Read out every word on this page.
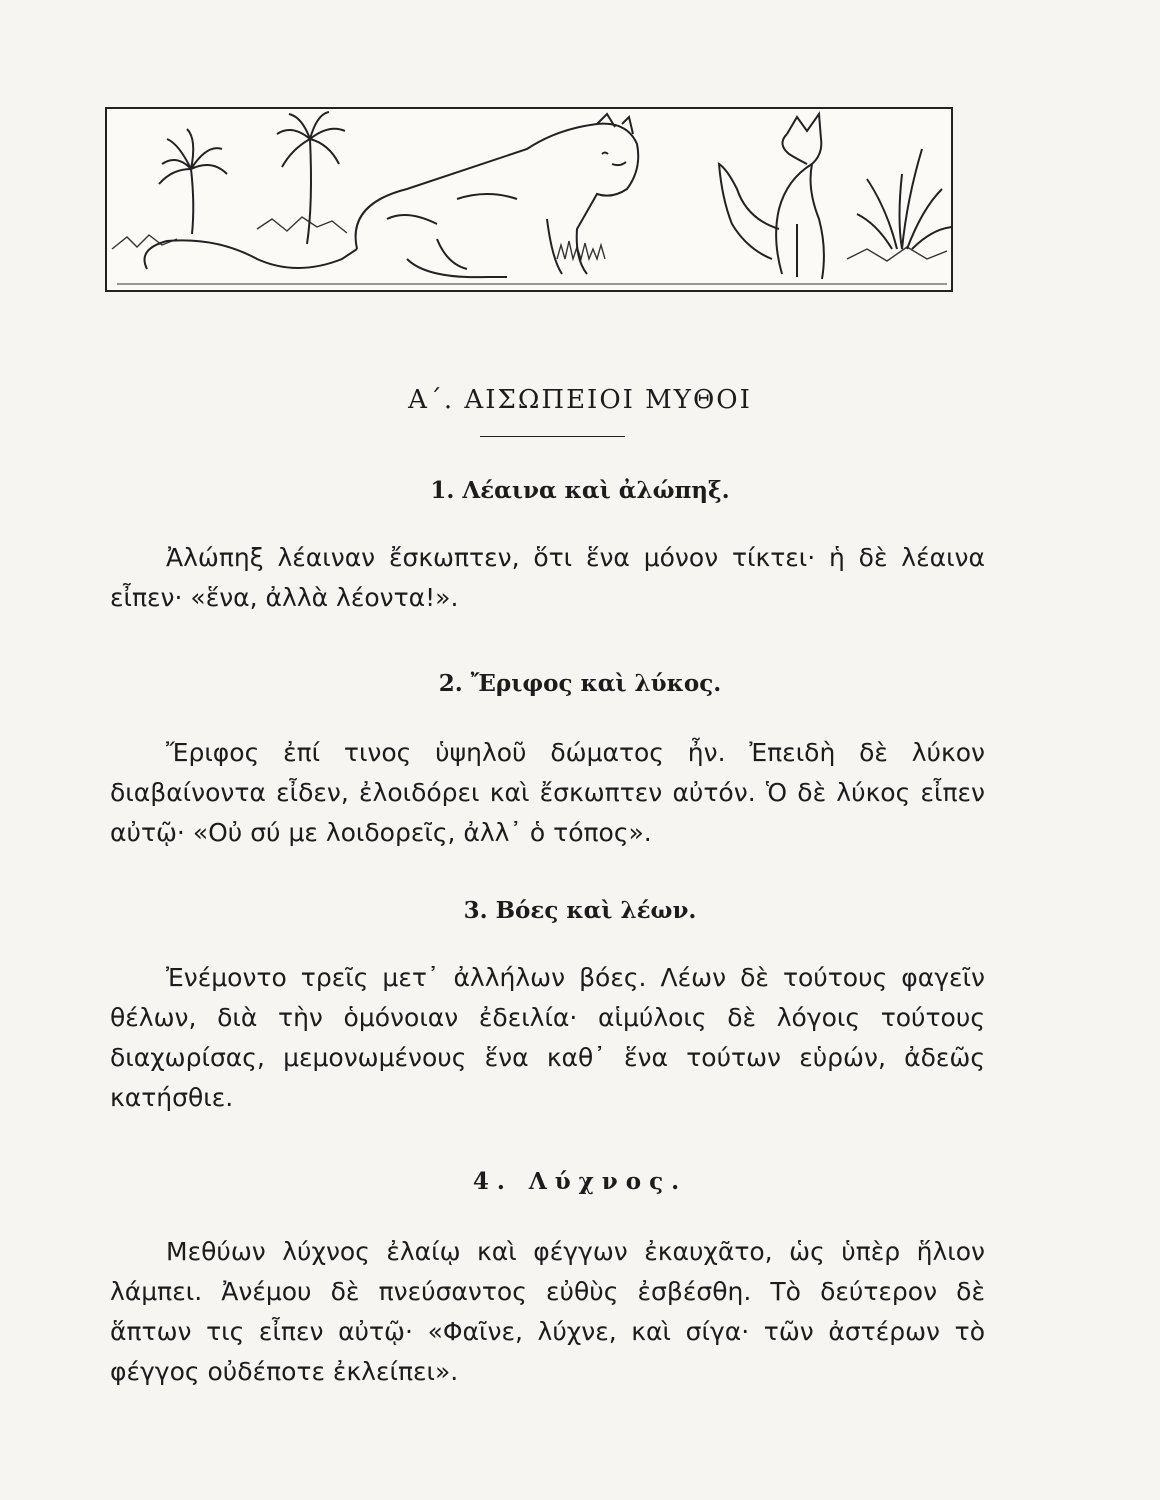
Α΄. ΑΙΣΩΠΕΙΟΙ ΜΥΘΟΙ
1. Λέαινα καὶ ἀλώπηξ.

Ἀλώπηξ λέαιναν ἔσκωπτεν, ὅτι ἕνα μόνον τίκτει· ἡ δὲ λέαινα εἶπεν· «ἕνα, ἀλλὰ λέοντα!».

2. Ἔριφος καὶ λύκος.

Ἔριφος ἐπί τινος ὑψηλοῦ δώματος ἦν. Ἐπειδὴ δὲ λύκον διαβαίνοντα εἶδεν, ἐλοιδόρει καὶ ἔσκωπτεν αὐτόν. Ὁ δὲ λύκος εἶπεν αὐτῷ· «Οὐ σύ με λοιδορεῖς, ἀλλ᾽ ὁ τόπος».

3. Βόες καὶ λέων.

Ἐνέμοντο τρεῖς μετ᾽ ἀλλήλων βόες. Λέων δὲ τούτους φαγεῖν θέλων, διὰ τὴν ὁμόνοιαν ἐδειλία· αἱμύλοις δὲ λόγοις τούτους διαχωρίσας, μεμονωμένους ἕνα καθ᾽ ἕνα τούτων εὑρών, ἀδεῶς κατήσθιε.

4. Λύχνος.

Μεθύων λύχνος ἐλαίῳ καὶ φέγγων ἐκαυχᾶτο, ὡς ὑπὲρ ἥλιον λάμπει. Ἀνέμου δὲ πνεύσαντος εὐθὺς ἐσβέσθη. Τὸ δεύτερον δὲ ἅπτων τις εἶπεν αὐτῷ· «Φαῖνε, λύχνε, καὶ σίγα· τῶν ἀστέρων τὸ φέγγος οὐδέποτε ἐκλείπει».
